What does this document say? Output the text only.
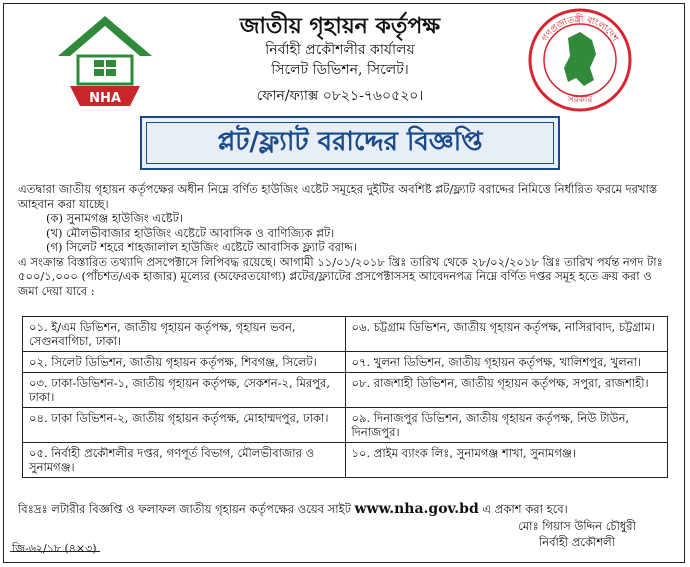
NHA
জাতীয় গৃহায়ন কর্তৃপক্ষ
নির্বাহী প্রকৌশলীর কার্যালয়
সিলেট ডিভিশন, সিলেট।
ফোন/ফ্যাক্স ০৮২১-৭৬০৫২০।
গণপ্রজাতন্ত্রী বাংলাদেশ
সরকার
প্লট/ফ্ল্যাট বরাদ্দের বিজ্ঞপ্তি

এতদ্বারা জাতীয় গৃহায়ন কর্তৃপক্ষের অধীন নিম্নে বর্ণিত হাউজিং এষ্টেট সমূহের দুইটির অবশিষ্ট প্লট/ফ্ল্যাট বরাদ্দের নিমিত্তে নির্ধারিত ফরমে দরখাস্ত আহবান করা যাচ্ছে।

(ক) সুনামগঞ্জ হাউজিং এষ্টেট।

(খ) মৌলভীবাজার হাউজিং এষ্টেটে আবাসিক ও বাণিজ্যিক প্লট।

(গ) সিলেট শহরে শাহজালাল হাউজিং এষ্টেটে আবাসিক ফ্ল্যাট বরাদ্দ।

এ সংক্রান্ত বিস্তারিত তথ্যাদি প্রসপেক্টাসে লিপিবদ্ধ রয়েছে। আগামী ১১/০১/২০১৮ খ্রিঃ তারিখ থেকে ২৮/০২/২০১৮ খ্রিঃ তারিখ পর্যন্ত নগদ টাঃ ৫০০/১,০০০ (পাঁচশত/এক হাজার) মূল্যের (অফেরতযোগ্য) প্লটের/ফ্ল্যাটের প্রসপেক্টাসসহ আবেদনপত্র নিম্নে বর্ণিত দপ্তর সমূহ হতে ক্রয় করা ও জমা দেয়া যাবে :

০১. ই/এম ডিভিশন, জাতীয় গৃহায়ন কর্তৃপক্ষ, গৃহায়ন ভবন, সেগুনবাগিচা, ঢাকা।	০৬. চট্টগ্রাম ডিভিশন, জাতীয় গৃহায়ন কর্তৃপক্ষ, নাসিরাবাদ, চট্টগ্রাম।
০২. সিলেট ডিভিশন, জাতীয় গৃহায়ন কর্তৃপক্ষ, শিবগঞ্জ, সিলেট।	০৭. খুলনা ডিভিশন, জাতীয় গৃহায়ন কর্তৃপক্ষ, খালিশপুর, খুলনা।
০৩. ঢাকা-ডিভিশন-১, জাতীয় গৃহায়ন কর্তৃপক্ষ, সেকশন-২, মিরপুর, ঢাকা।	০৮. রাজশাহী ডিভিশন, জাতীয় গৃহায়ন কর্তৃপক্ষ, সপুরা, রাজশাহী।
০৪. ঢাকা ডিভিশন-২, জাতীয় গৃহায়ন কর্তৃপক্ষ, মোহাম্মদপুর, ঢাকা।	০৯. দিনাজপুর ডিভিশন, জাতীয় গৃহায়ন কর্তৃপক্ষ, নিউ টাউন, দিনাজপুর।
০৫. নির্বাহী প্রকৌশলীর দপ্তর, গণপূর্ত বিভাগ, মৌলভীবাজার ও সুনামগঞ্জ।	১০. প্রাইম ব্যাংক লিঃ, সুনামগঞ্জ শাখা, সুনামগঞ্জ।
বিঃদ্রঃ লটারীর বিজ্ঞপ্তি ও ফলাফল জাতীয় গৃহায়ন কর্তৃপক্ষের ওয়েব সাইট www.nha.gov.bd এ প্রকাশ করা হবে।
মোঃ গিয়াস উদ্দিন চৌধুরী
নির্বাহী প্রকৌশলী
জি-৬২/১৮ (৪×৩)
